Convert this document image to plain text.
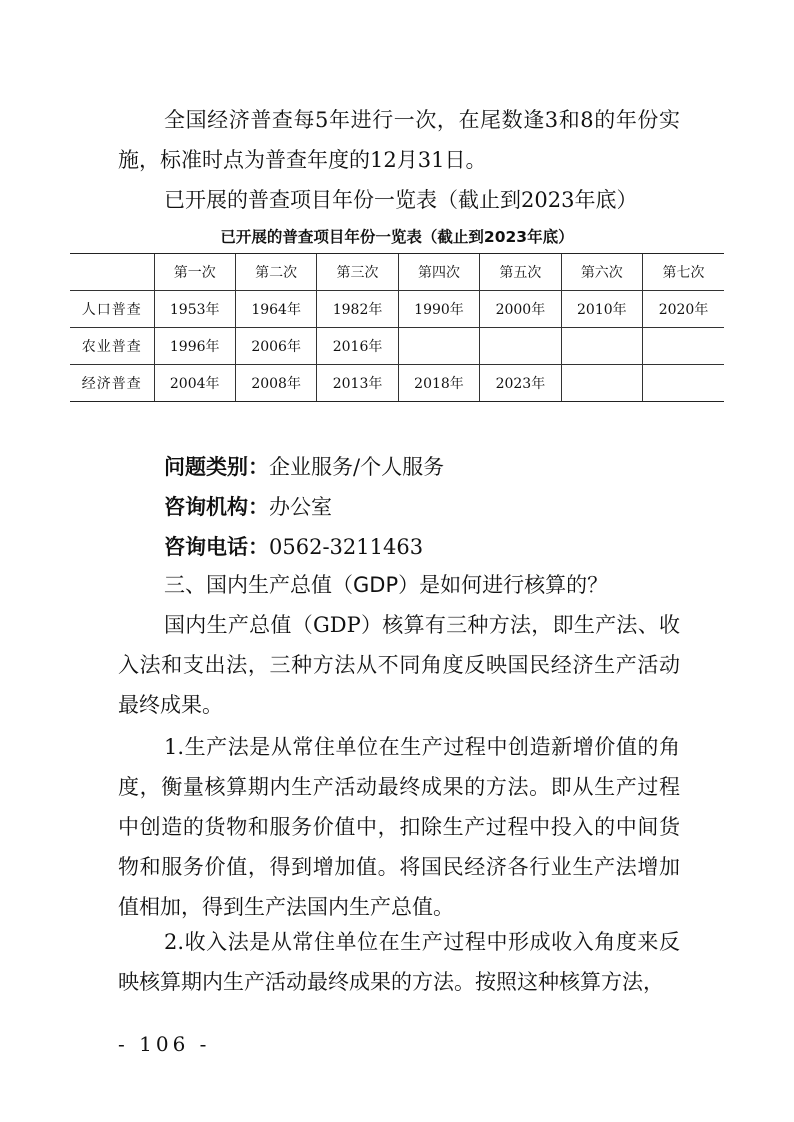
全国经济普查每5年进行一次，在尾数逢3和8的年份实施，标准时点为普查年度的12月31日。

已开展的普查项目年份一览表（截止到2023年底）

已开展的普查项目年份一览表（截止到2023年底）

	第一次	第二次	第三次	第四次	第五次	第六次	第七次
人口普查	1953年	1964年	1982年	1990年	2000年	2010年	2020年
农业普查	1996年	2006年	2016年				
经济普查	2004年	2008年	2013年	2018年	2023年		

问题类别：企业服务/个人服务

咨询机构：办公室

咨询电话：0562-3211463

三、国内生产总值（GDP）是如何进行核算的？

国内生产总值（GDP）核算有三种方法，即生产法、收入法和支出法，三种方法从不同角度反映国民经济生产活动最终成果。

1.生产法是从常住单位在生产过程中创造新增价值的角度，衡量核算期内生产活动最终成果的方法。即从生产过程中创造的货物和服务价值中，扣除生产过程中投入的中间货物和服务价值，得到增加值。将国民经济各行业生产法增加值相加，得到生产法国内生产总值。

2.收入法是从常住单位在生产过程中形成收入角度来反映核算期内生产活动最终成果的方法。按照这种核算方法，

- 106 -
